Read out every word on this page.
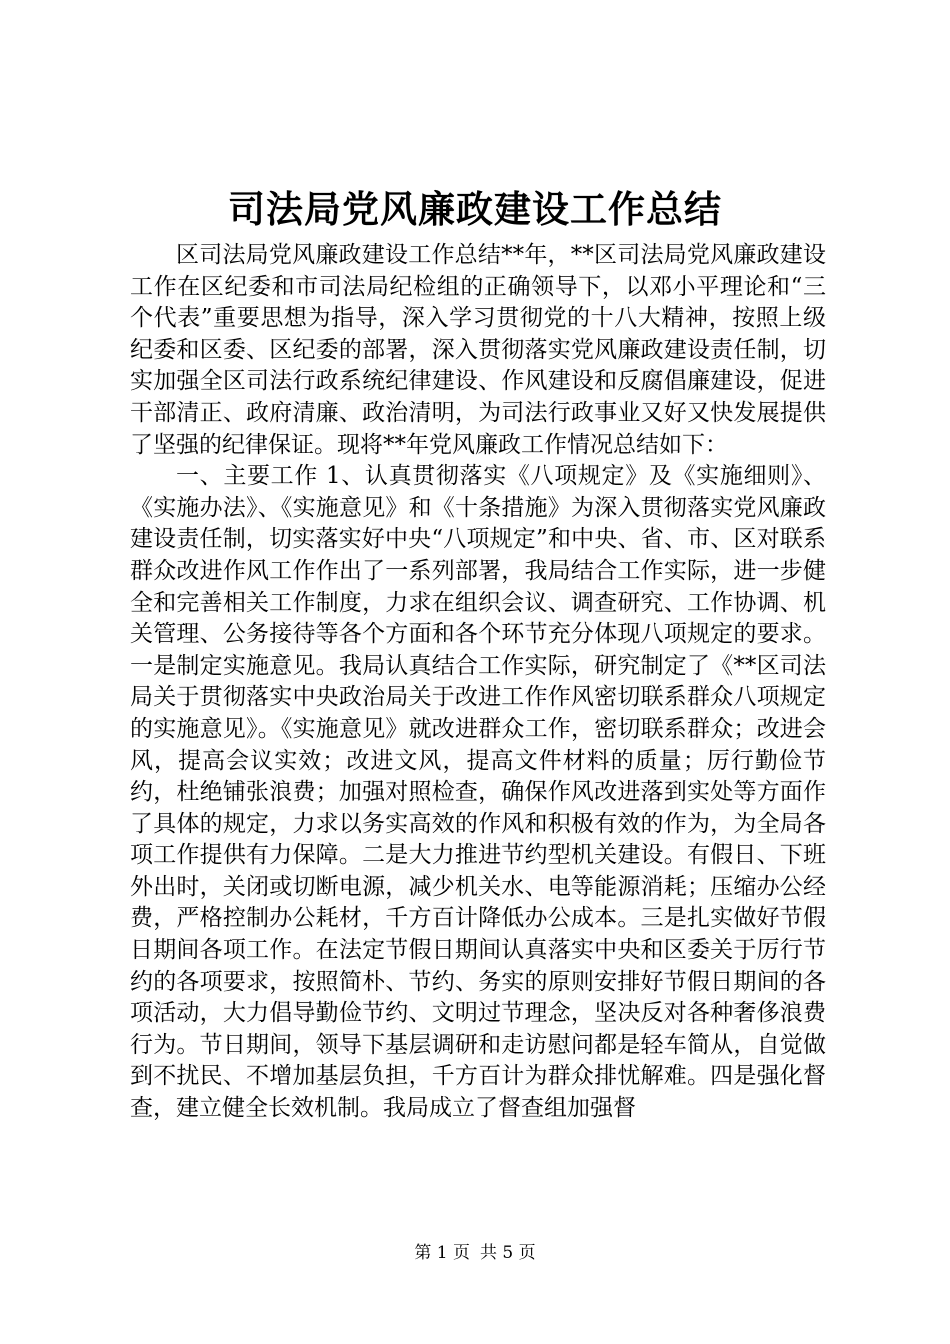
司法局党风廉政建设工作总结

区司法局党风廉政建设工作总结**年，**区司法局党风廉政建设工作在区纪委和市司法局纪检组的正确领导下，以邓小平理论和“三个代表”重要思想为指导，深入学习贯彻党的十八大精神，按照上级纪委和区委、区纪委的部署，深入贯彻落实党风廉政建设责任制，切实加强全区司法行政系统纪律建设、作风建设和反腐倡廉建设，促进干部清正、政府清廉、政治清明，为司法行政事业又好又快发展提供了坚强的纪律保证。现将**年党风廉政工作情况总结如下：

一、主要工作 1、认真贯彻落实《八项规定》及《实施细则》、《实施办法》、《实施意见》和《十条措施》为深入贯彻落实党风廉政建设责任制，切实落实好中央“八项规定”和中央、省、市、区对联系群众改进作风工作作出了一系列部署，我局结合工作实际，进一步健全和完善相关工作制度，力求在组织会议、调查研究、工作协调、机关管理、公务接待等各个方面和各个环节充分体现八项规定的要求。一是制定实施意见。我局认真结合工作实际，研究制定了《**区司法局关于贯彻落实中央政治局关于改进工作作风密切联系群众八项规定的实施意见》。《实施意见》就改进群众工作，密切联系群众；改进会风，提高会议实效；改进文风，提高文件材料的质量；厉行勤俭节约，杜绝铺张浪费；加强对照检查，确保作风改进落到实处等方面作了具体的规定，力求以务实高效的作风和积极有效的作为，为全局各项工作提供有力保障。二是大力推进节约型机关建设。有假日、下班外出时，关闭或切断电源，减少机关水、电等能源消耗；压缩办公经费，严格控制办公耗材，千方百计降低办公成本。三是扎实做好节假日期间各项工作。在法定节假日期间认真落实中央和区委关于厉行节约的各项要求，按照简朴、节约、务实的原则安排好节假日期间的各项活动，大力倡导勤俭节约、文明过节理念，坚决反对各种奢侈浪费行为。节日期间，领导下基层调研和走访慰问都是轻车简从，自觉做到不扰民、不增加基层负担，千方百计为群众排忧解难。四是强化督查，建立健全长效机制。我局成立了督查组加强督

第 1 页 共 5 页
